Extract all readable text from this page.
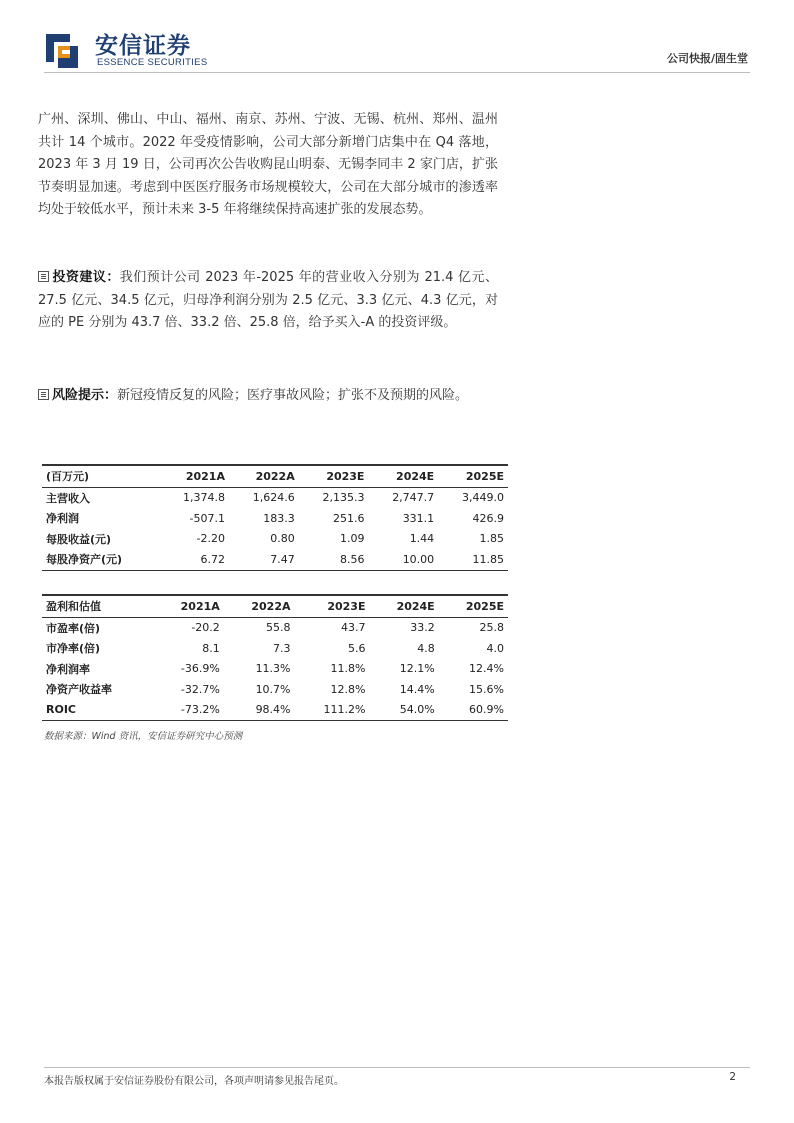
安信证券
ESSENCE SECURITIES	公司快报/固生堂
广州、深圳、佛山、中山、福州、南京、苏州、宁波、无锡、杭州、郑州、温州共计 14 个城市。2022 年受疫情影响，公司大部分新增门店集中在 Q4 落地，2023 年 3 月 19 日，公司再次公告收购昆山明泰、无锡李同丰 2 家门店，扩张节奏明显加速。考虑到中医医疗服务市场规模较大，公司在大部分城市的渗透率均处于较低水平，预计未来 3-5 年将继续保持高速扩张的发展态势。
投资建议：我们预计公司 2023 年-2025 年的营业收入分别为 21.4 亿元、27.5 亿元、34.5 亿元，归母净利润分别为 2.5 亿元、3.3 亿元、4.3 亿元，对应的 PE 分别为 43.7 倍、33.2 倍、25.8 倍，给予买入-A 的投资评级。
风险提示：新冠疫情反复的风险；医疗事故风险；扩张不及预期的风险。
(百万元)	2021A	2022A	2023E	2024E	2025E
主营收入	1,374.8	1,624.6	2,135.3	2,747.7	3,449.0
净利润	-507.1	183.3	251.6	331.1	426.9
每股收益(元)	-2.20	0.80	1.09	1.44	1.85
每股净资产(元)	6.72	7.47	8.56	10.00	11.85
盈利和估值	2021A	2022A	2023E	2024E	2025E
市盈率(倍)	-20.2	55.8	43.7	33.2	25.8
市净率(倍)	8.1	7.3	5.6	4.8	4.0
净利润率	-36.9%	11.3%	11.8%	12.1%	12.4%
净资产收益率	-32.7%	10.7%	12.8%	14.4%	15.6%
ROIC	-73.2%	98.4%	111.2%	54.0%	60.9%
数据来源：Wind 资讯，安信证券研究中心预测
本报告版权属于安信证券股份有限公司，各项声明请参见报告尾页。	2
